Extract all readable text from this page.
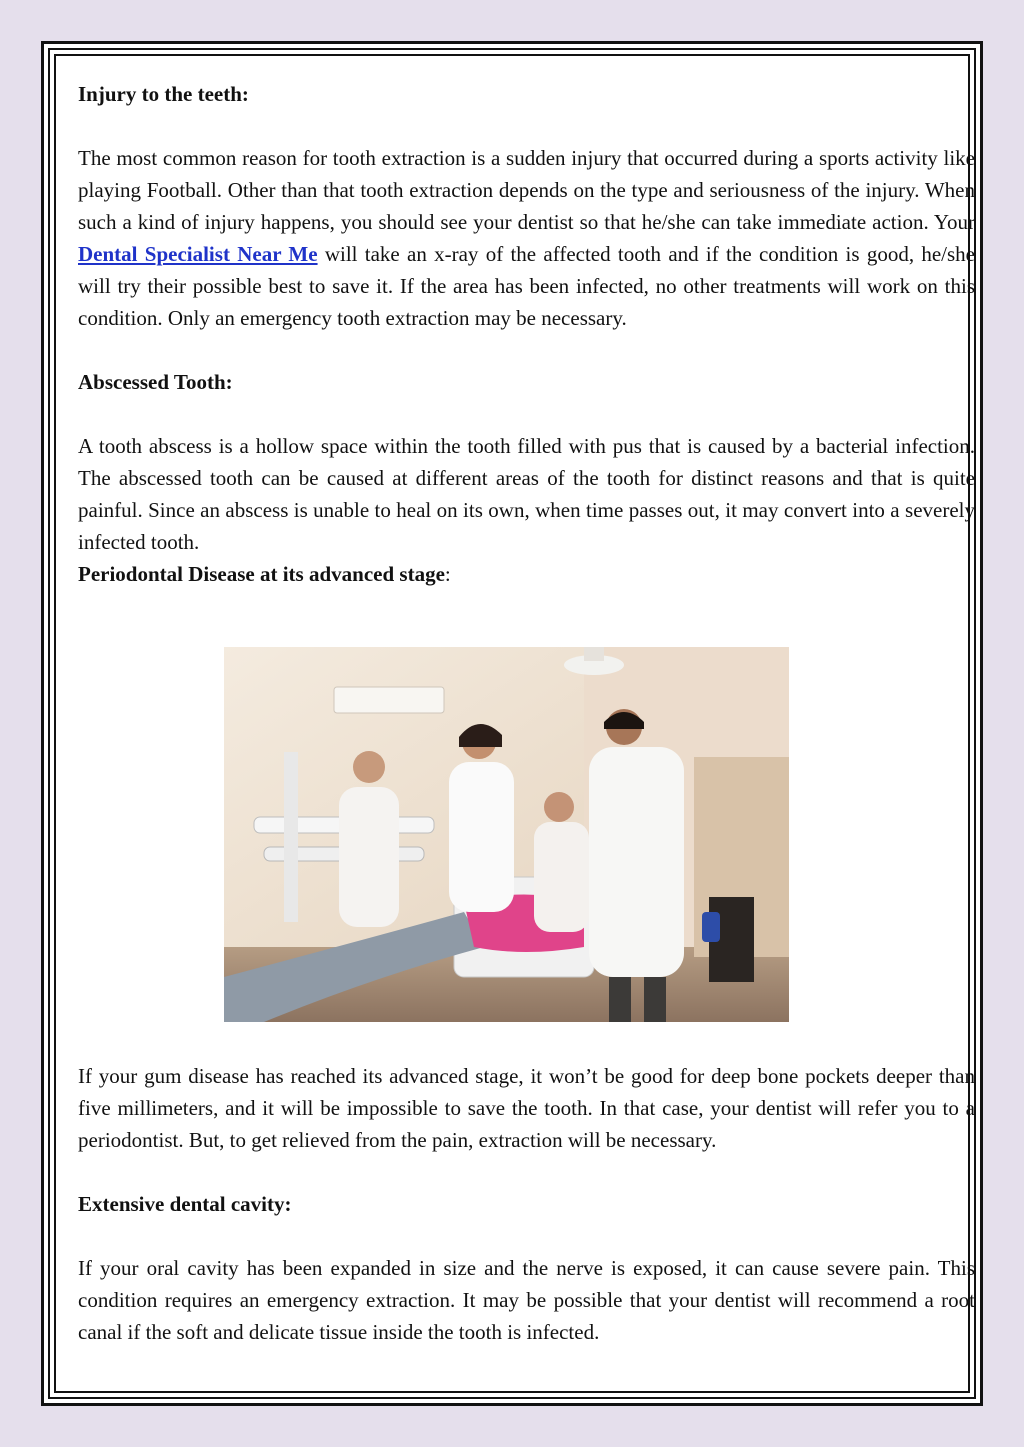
Injury to the teeth:

The most common reason for tooth extraction is a sudden injury that occurred during a sports activity like playing Football. Other than that tooth extraction depends on the type and seriousness of the injury. When such a kind of injury happens, you should see your dentist so that he/she can take immediate action. Your Dental Specialist Near Me will take an x-ray of the affected tooth and if the condition is good, he/she will try their possible best to save it. If the area has been infected, no other treatments will work on this condition. Only an emergency tooth extraction may be necessary.

Abscessed Tooth:

A tooth abscess is a hollow space within the tooth filled with pus that is caused by a bacterial infection. The abscessed tooth can be caused at different areas of the tooth for distinct reasons and that is quite painful. Since an abscess is unable to heal on its own, when time passes out, it may convert into a severely infected tooth.

Periodontal Disease at its advanced stage:

If your gum disease has reached its advanced stage, it won’t be good for deep bone pockets deeper than five millimeters, and it will be impossible to save the tooth. In that case, your dentist will refer you to a periodontist. But, to get relieved from the pain, extraction will be necessary.

Extensive dental cavity:

If your oral cavity has been expanded in size and the nerve is exposed, it can cause severe pain. This condition requires an emergency extraction. It may be possible that your dentist will recommend a root canal if the soft and delicate tissue inside the tooth is infected.
